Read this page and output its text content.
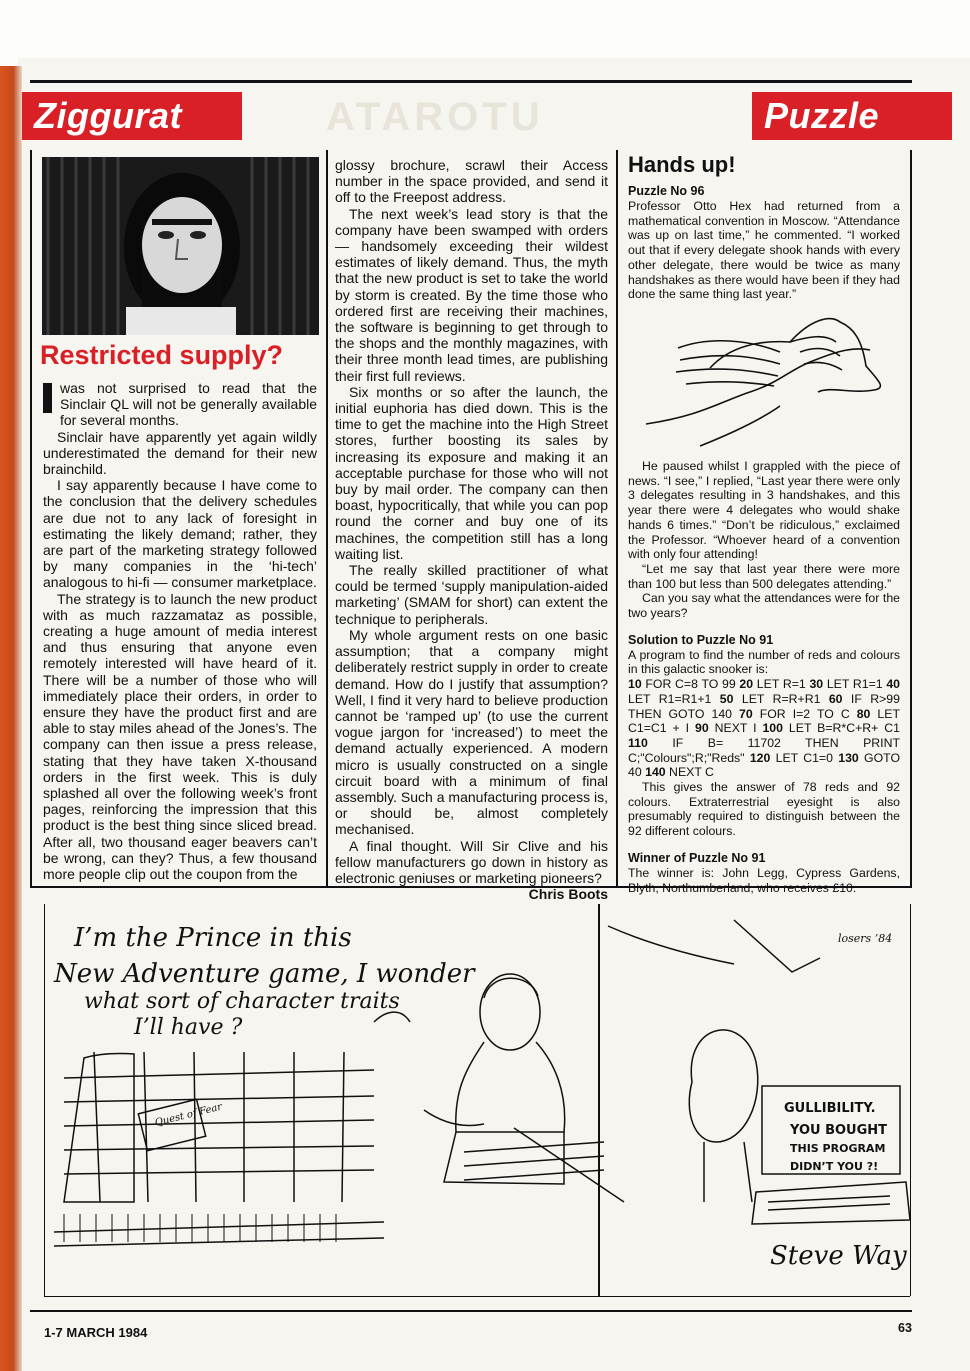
Ziggurat	ATAROTU	Puzzle
Restricted supply?

was not surprised to read that the Sinclair QL will not be generally available for several months.

Sinclair have apparently yet again wildly underestimated the demand for their new brainchild.

I say apparently because I have come to the conclusion that the delivery schedules are due not to any lack of foresight in estimating the likely demand; rather, they are part of the marketing strategy followed by many companies in the ‘hi-tech’ analogous to hi-fi — consumer marketplace.

The strategy is to launch the new product with as much razzamataz as possible, creating a huge amount of media interest and thus ensuring that anyone even remotely interested will have heard of it. There will be a number of those who will immediately place their orders, in order to ensure they have the product first and are able to stay miles ahead of the Jones’s. The company can then issue a press release, stating that they have taken X-thousand orders in the first week. This is duly splashed all over the following week’s front pages, reinforcing the impression that this product is the best thing since sliced bread. After all, two thousand eager beavers can’t be wrong, can they? Thus, a few thousand more people clip out the coupon from the

glossy brochure, scrawl their Access number in the space provided, and send it off to the Freepost address.

The next week’s lead story is that the company have been swamped with orders — handsomely exceeding their wildest estimates of likely demand. Thus, the myth that the new product is set to take the world by storm is created. By the time those who ordered first are receiving their machines, the software is beginning to get through to the shops and the monthly magazines, with their three month lead times, are publishing their first full reviews.

Six months or so after the launch, the initial euphoria has died down. This is the time to get the machine into the High Street stores, further boosting its sales by increasing its exposure and making it an acceptable purchase for those who will not buy by mail order. The company can then boast, hypocritically, that while you can pop round the corner and buy one of its machines, the competition still has a long waiting list.

The really skilled practitioner of what could be termed ‘supply manipulation-aided marketing’ (SMAM for short) can extent the technique to peripherals.

My whole argument rests on one basic assumption; that a company might deliberately restrict supply in order to create demand. How do I justify that assumption? Well, I find it very hard to believe production cannot be ‘ramped up’ (to use the current vogue jargon for ‘increased’) to meet the demand actually experienced. A modern micro is usually constructed on a single circuit board with a minimum of final assembly. Such a manufacturing process is, or should be, almost completely mechanised.

A final thought. Will Sir Clive and his fellow manufacturers go down in history as electronic geniuses or marketing pioneers?

Chris Boots

Hands up!
Puzzle No 96

Professor Otto Hex had returned from a mathematical convention in Moscow. “Attendance was up on last time,” he commented. “I worked out that if every delegate shook hands with every other delegate, there would be twice as many handshakes as there would have been if they had done the same thing last year.”

He paused whilst I grappled with the piece of news. “I see,” I replied, “Last year there were only 3 delegates resulting in 3 handshakes, and this year there were 4 delegates who would shake hands 6 times.” “Don’t be ridiculous,” exclaimed the Professor. “Whoever heard of a convention with only four attending!

“Let me say that last year there were more than 100 but less than 500 delegates attending.”

Can you say what the attendances were for the two years?

Solution to Puzzle No 91

A program to find the number of reds and colours in this galactic snooker is:

10 FOR C=8 TO 99 20 LET R=1 30 LET R1=1 40 LET R1=R1+1 50 LET R=R+R1 60 IF R>99 THEN GOTO 140 70 FOR I=2 TO C 80 LET C1=C1 + I 90 NEXT I 100 LET B=R*C+R+ C1 110 IF B= 11702 THEN PRINT C;"Colours";R;"Reds" 120 LET C1=0 130 GOTO 40 140 NEXT C

This gives the answer of 78 reds and 92 colours. Extraterrestrial eyesight is also presumably required to distinguish between the 92 different colours.

Winner of Puzzle No 91

The winner is: John Legg, Cypress Gardens, Blyth, Northumberland, who receives £10.

I’m the Prince in this
New Adventure game, I wonder
what sort of character traits
I’ll have ?
Quest of Fear
losers ’84
Steve Way
GULLIBILITY.
YOU BOUGHT
THIS PROGRAM
DIDN’T YOU ?!
1-7 MARCH 1984	63
